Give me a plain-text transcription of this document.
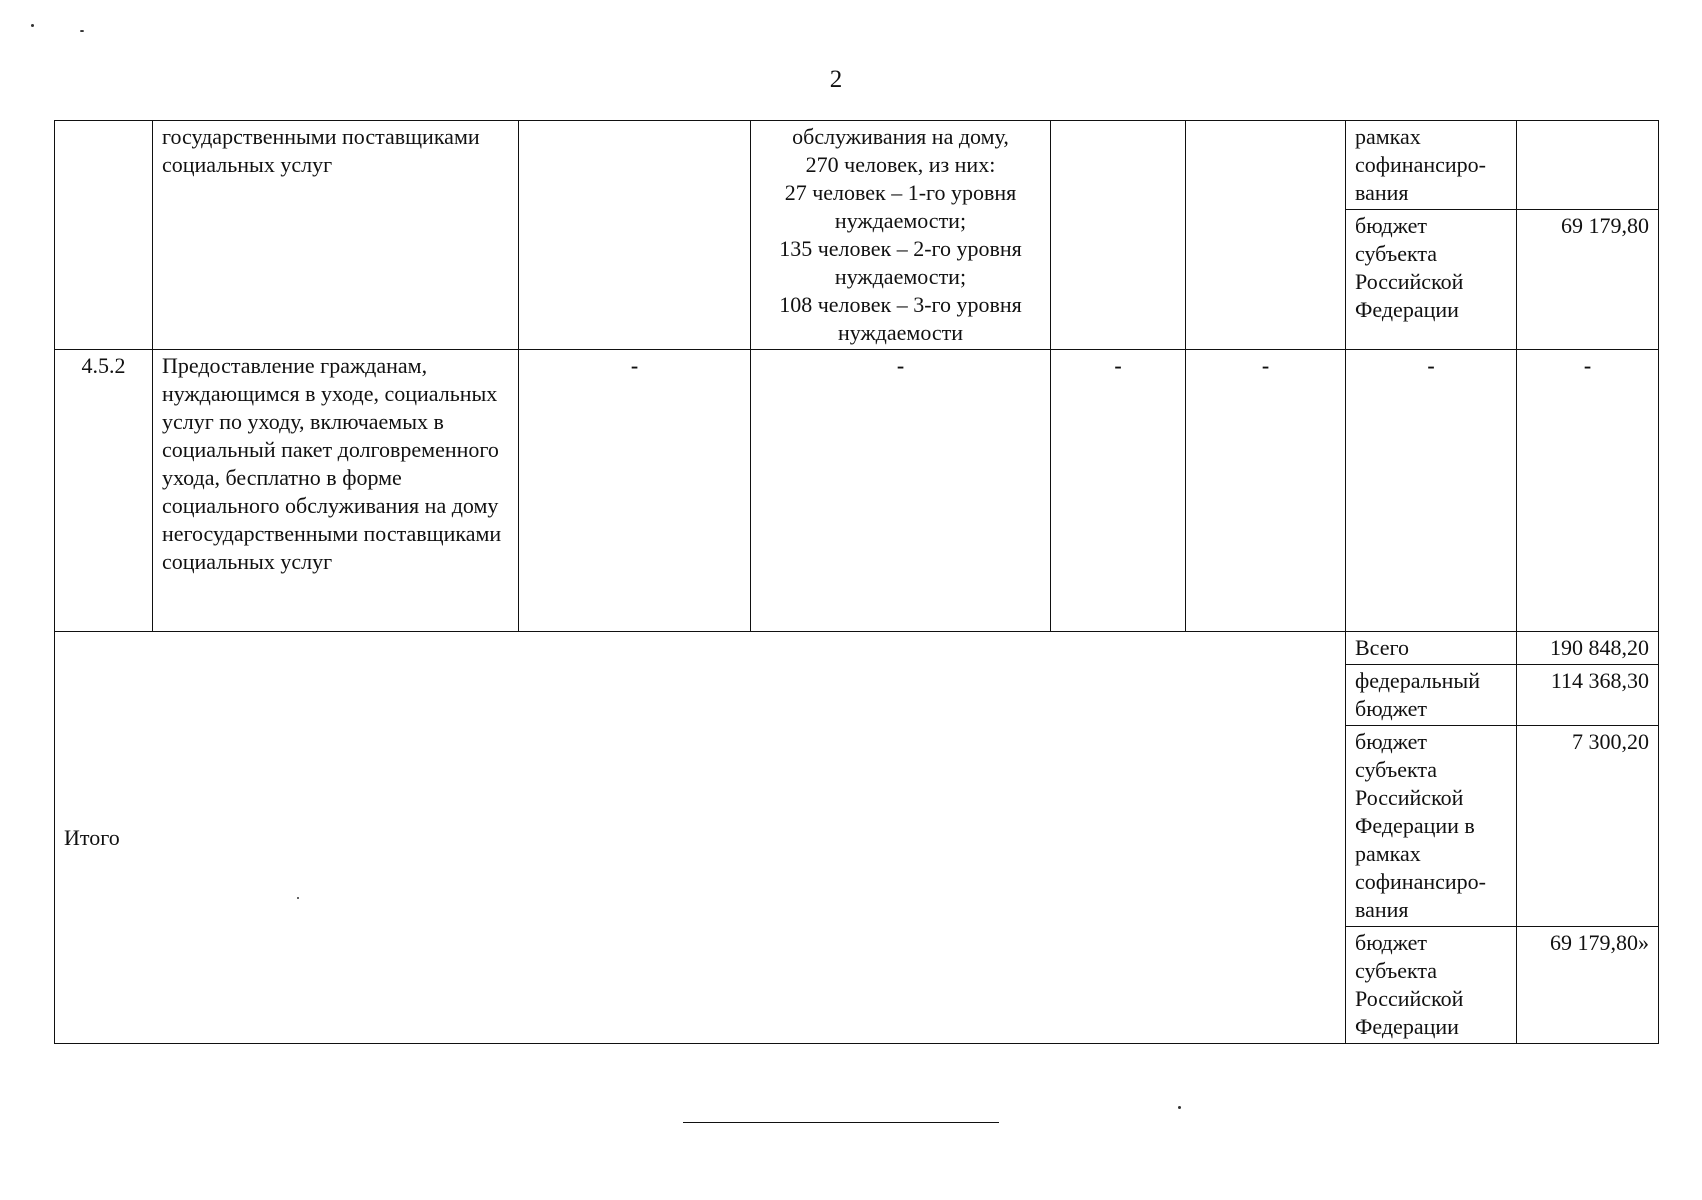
2
	государственными поставщиками социальных услуг		обслуживания на дому,
270 человек, из них:
27 человек – 1-го уровня нуждаемости;
135 человек – 2-го уровня нуждаемости;
108 человек – 3-го уровня нуждаемости			рамках софинансиро-вания	
						бюджет субъекта Российской Федерации	69 179,80
4.5.2	Предоставление гражданам, нуждающимся в уходе, социальных услуг по уходу, включаемых в социальный пакет долговременного ухода, бесплатно в форме социального обслуживания на дому негосударственными поставщиками социальных услуг	-	-	-	-	-	-
Итого						Всего	190 848,20
						федеральный бюджет	114 368,30
						бюджет субъекта Российской Федерации в рамках софинансиро-вания	7 300,20
						бюджет субъекта Российской Федерации	69 179,80»
